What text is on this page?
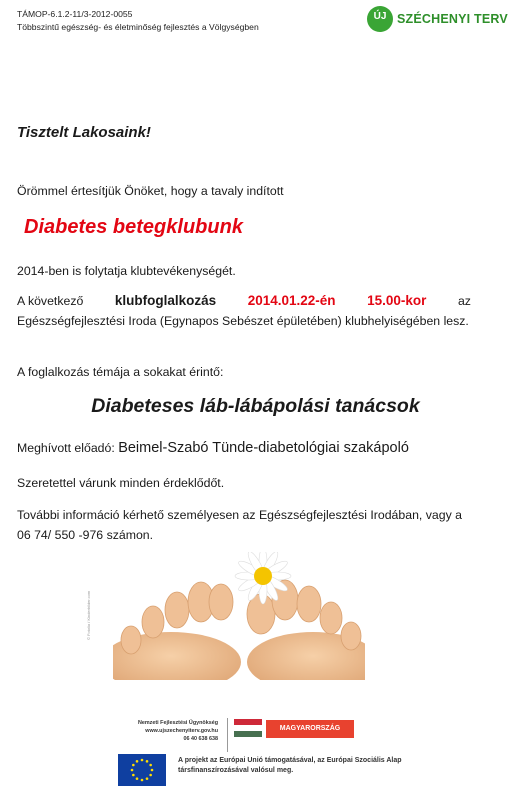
TÁMOP-6.1.2-11/3-2012-0055
Többszintű egészség- és életminőség fejlesztés a Völgységben
ÚJ SZÉCHENYI TERV
Tisztelt Lakosaink!
Örömmel értesítjük Önöket, hogy a tavaly indított
Diabetes betegklubunk
2014-ben is folytatja klubtevékenységét.
A következő klubfoglalkozás 2014.01.22-én 15.00-kor	az
Egészségfejlesztési Iroda (Egynapos Sebészet épületében) klubhelyiségében lesz.
A foglalkozás témája a sokakat érintő:
Diabeteses láb-lábápolási tanácsok
Meghívott előadó: Beimel-Szabó Tünde-diabetológiai szakápoló
Szeretettel várunk minden érdeklődőt.
További információ kérhető személyesen az Egészségfejlesztési Irodában, vagy a 06 74/ 550 -976 számon.
© Fotolia / Kinderbilder.com
Nemzeti Fejlesztési Ügynökség
www.ujszechenyiterv.gov.hu
06 40 638 638
MAGYARORSZÁG MEGÚJUL
A projekt az Európai Unió támogatásával, az Európai Szociális Alap társfinanszírozásával valósul meg.
